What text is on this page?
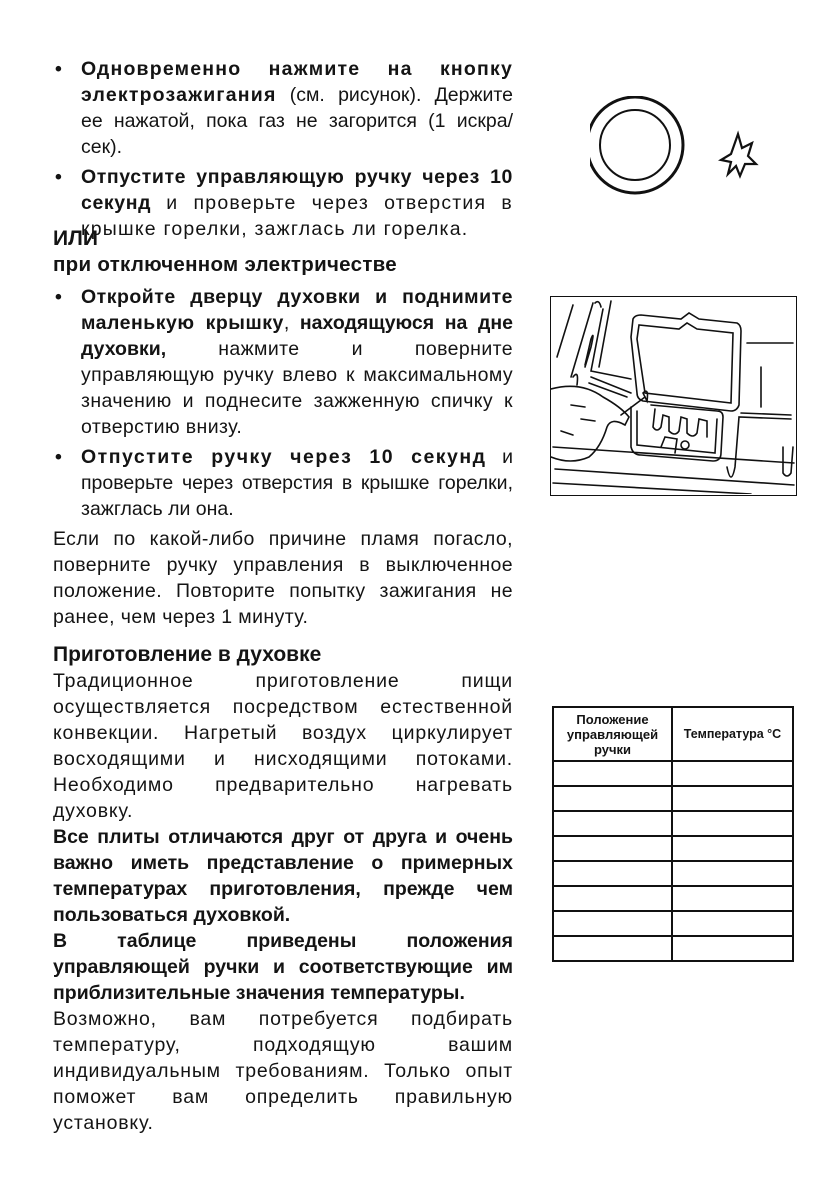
• Одновременно нажмите на кнопку электрозажигания (см. рисунок). Держите ее нажатой, пока газ не загорится (1 искра/сек).
• Отпустите управляющую ручку через 10 секунд и проверьте через отверстия в крышке горелки, зажглась ли горелка.
ИЛИ
при отключенном электричестве
• Откройте дверцу духовки и поднимите маленькую крышку, находящуюся на дне духовки, нажмите и поверните управляющую ручку влево к максимальному значению и поднесите зажженную спичку к отверстию внизу.
• Отпустите ручку через 10 секунд и проверьте через отверстия в крышке горелки, зажглась ли она.

Если по какой-либо причине пламя погасло, поверните ручку управления в выключенное положение. Повторите попытку зажигания не ранее, чем через 1 минуту.

Приготовление в духовке

Традиционное приготовление пищи осуществляется посредством естественной конвекции. Нагретый воздух циркулирует восходящими и нисходящими потоками. Необходимо предварительно нагревать духовку.

Все плиты отличаются друг от друга и очень важно иметь представление о примерных температурах приготовления, прежде чем пользоваться духовкой.

В таблице приведены положения управляющей ручки и соответствующие им приблизительные значения температуры.

Возможно, вам потребуется подбирать температуру, подходящую вашим индивидуальным требованиям. Только опыт поможет вам определить правильную установку.

Положение управляющей ручки	Температура °C
